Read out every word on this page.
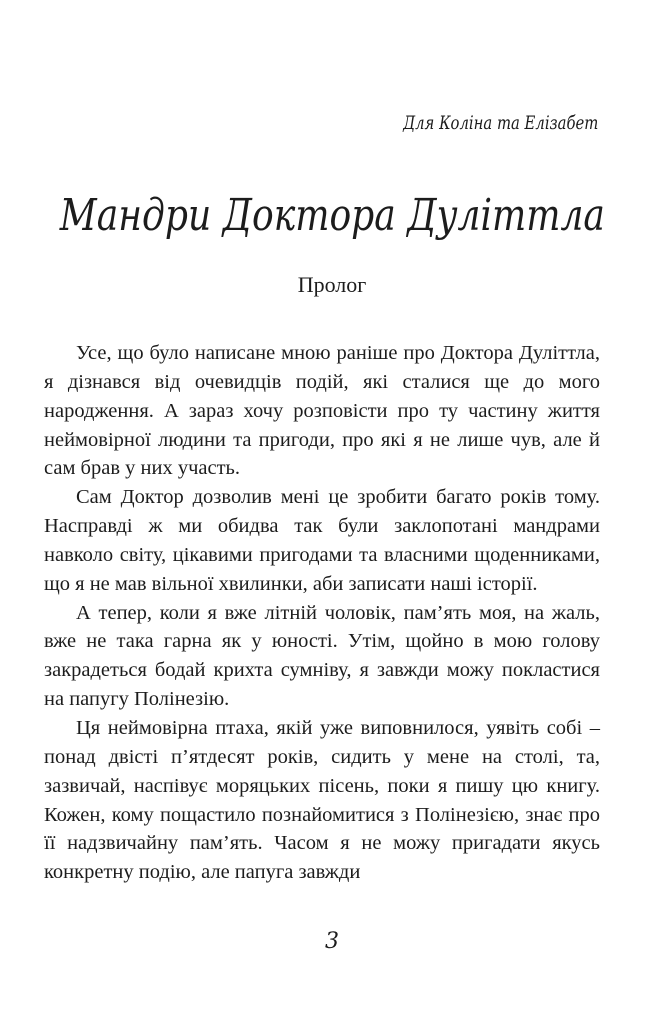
Для Коліна та Елізабет
Мандри Доктора Дуліттла
Пролог

Усе, що було написане мною раніше про Доктора Дуліттла, я дізнався від очевидців подій, які сталися ще до мого народження. А зараз хочу розповісти про ту частину життя неймовірної людини та пригоди, про які я не лише чув, але й сам брав у них участь.

Сам Доктор дозволив мені це зробити багато років тому. Насправді ж ми обидва так були заклопотані мандрами навколо світу, цікавими пригодами та власними щоденниками, що я не мав вільної хвилинки, аби записати наші історії.

А тепер, коли я вже літній чоловік, пам’ять моя, на жаль, вже не така гарна як у юності. Утім, щойно в мою голову закрадеться бодай крихта сумніву, я завжди можу покластися на папугу Полінезію.

Ця неймовірна птаха, якій уже виповнилося, уявіть собі – понад двісті п’ятдесят років, сидить у мене на столі, та, зазвичай, наспівує моряцьких пісень, поки я пишу цю книгу. Кожен, кому пощастило познайомитися з Полінезією, знає про її надзвичайну пам’ять. Часом я не можу пригадати якусь конкретну подію, але папуга завжди

3
